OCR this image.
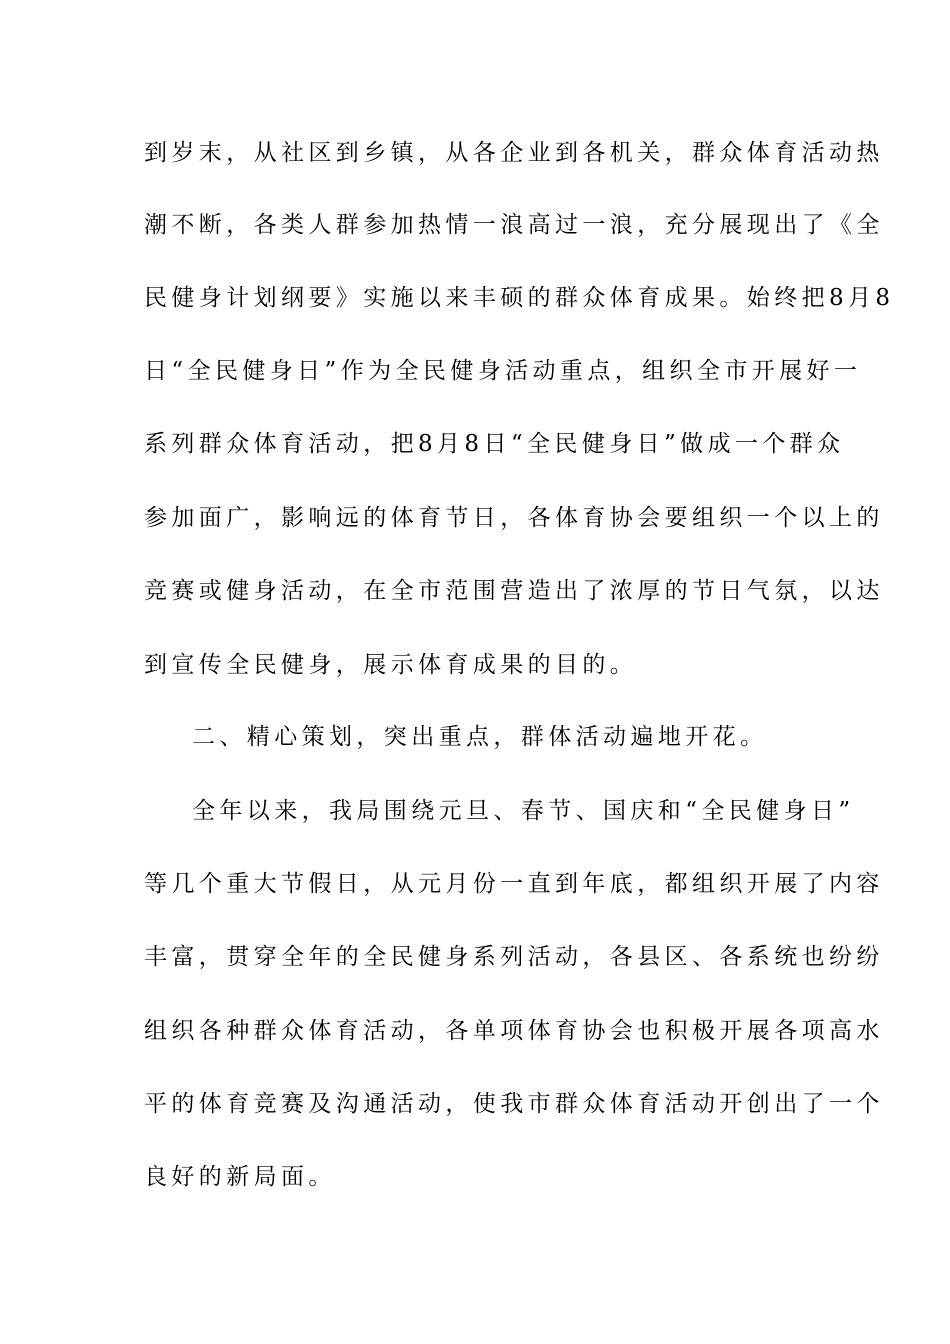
到岁末，从社区到乡镇，从各企业到各机关，群众体育活动热
潮不断，各类人群参加热情一浪高过一浪，充分展现出了《全
民健身计划纲要》实施以来丰硕的群众体育成果。始终把8月8
日“全民健身日”作为全民健身活动重点，组织全市开展好一
系列群众体育活动，把8月8日“全民健身日”做成一个群众
参加面广，影响远的体育节日，各体育协会要组织一个以上的
竞赛或健身活动，在全市范围营造出了浓厚的节日气氛，以达
到宣传全民健身，展示体育成果的目的。
二、精心策划，突出重点，群体活动遍地开花。
全年以来，我局围绕元旦、春节、国庆和“全民健身日”
等几个重大节假日，从元月份一直到年底，都组织开展了内容
丰富，贯穿全年的全民健身系列活动，各县区、各系统也纷纷
组织各种群众体育活动，各单项体育协会也积极开展各项高水
平的体育竞赛及沟通活动，使我市群众体育活动开创出了一个
良好的新局面。
